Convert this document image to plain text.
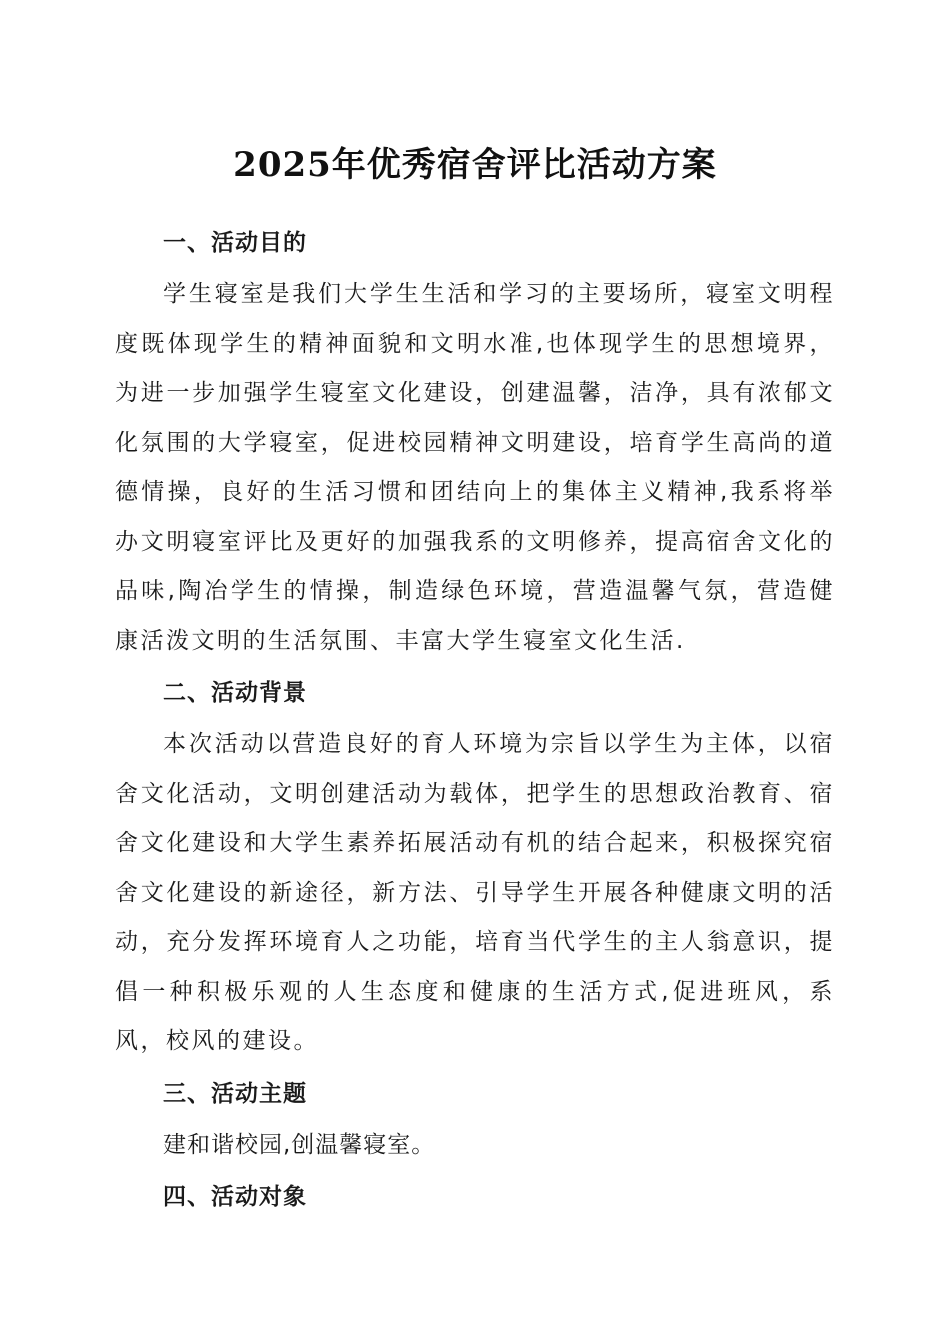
2025年优秀宿舍评比活动方案
一、活动目的
学生寝室是我们大学生生活和学习的主要场所，寝室文明程度既体现学生的精神面貌和文明水准,也体现学生的思想境界，为进一步加强学生寝室文化建设，创建温馨，洁净，具有浓郁文化氛围的大学寝室，促进校园精神文明建设，培育学生高尚的道德情操，良好的生活习惯和团结向上的集体主义精神,我系将举办文明寝室评比及更好的加强我系的文明修养，提高宿舍文化的品味,陶冶学生的情操，制造绿色环境，营造温馨气氛，营造健康活泼文明的生活氛围、丰富大学生寝室文化生活.
二、活动背景
本次活动以营造良好的育人环境为宗旨以学生为主体，以宿舍文化活动，文明创建活动为载体，把学生的思想政治教育、宿舍文化建设和大学生素养拓展活动有机的结合起来，积极探究宿舍文化建设的新途径，新方法、引导学生开展各种健康文明的活动，充分发挥环境育人之功能，培育当代学生的主人翁意识，提倡一种积极乐观的人生态度和健康的生活方式,促进班风，系风，校风的建设。
三、活动主题
建和谐校园,创温馨寝室。
四、活动对象
